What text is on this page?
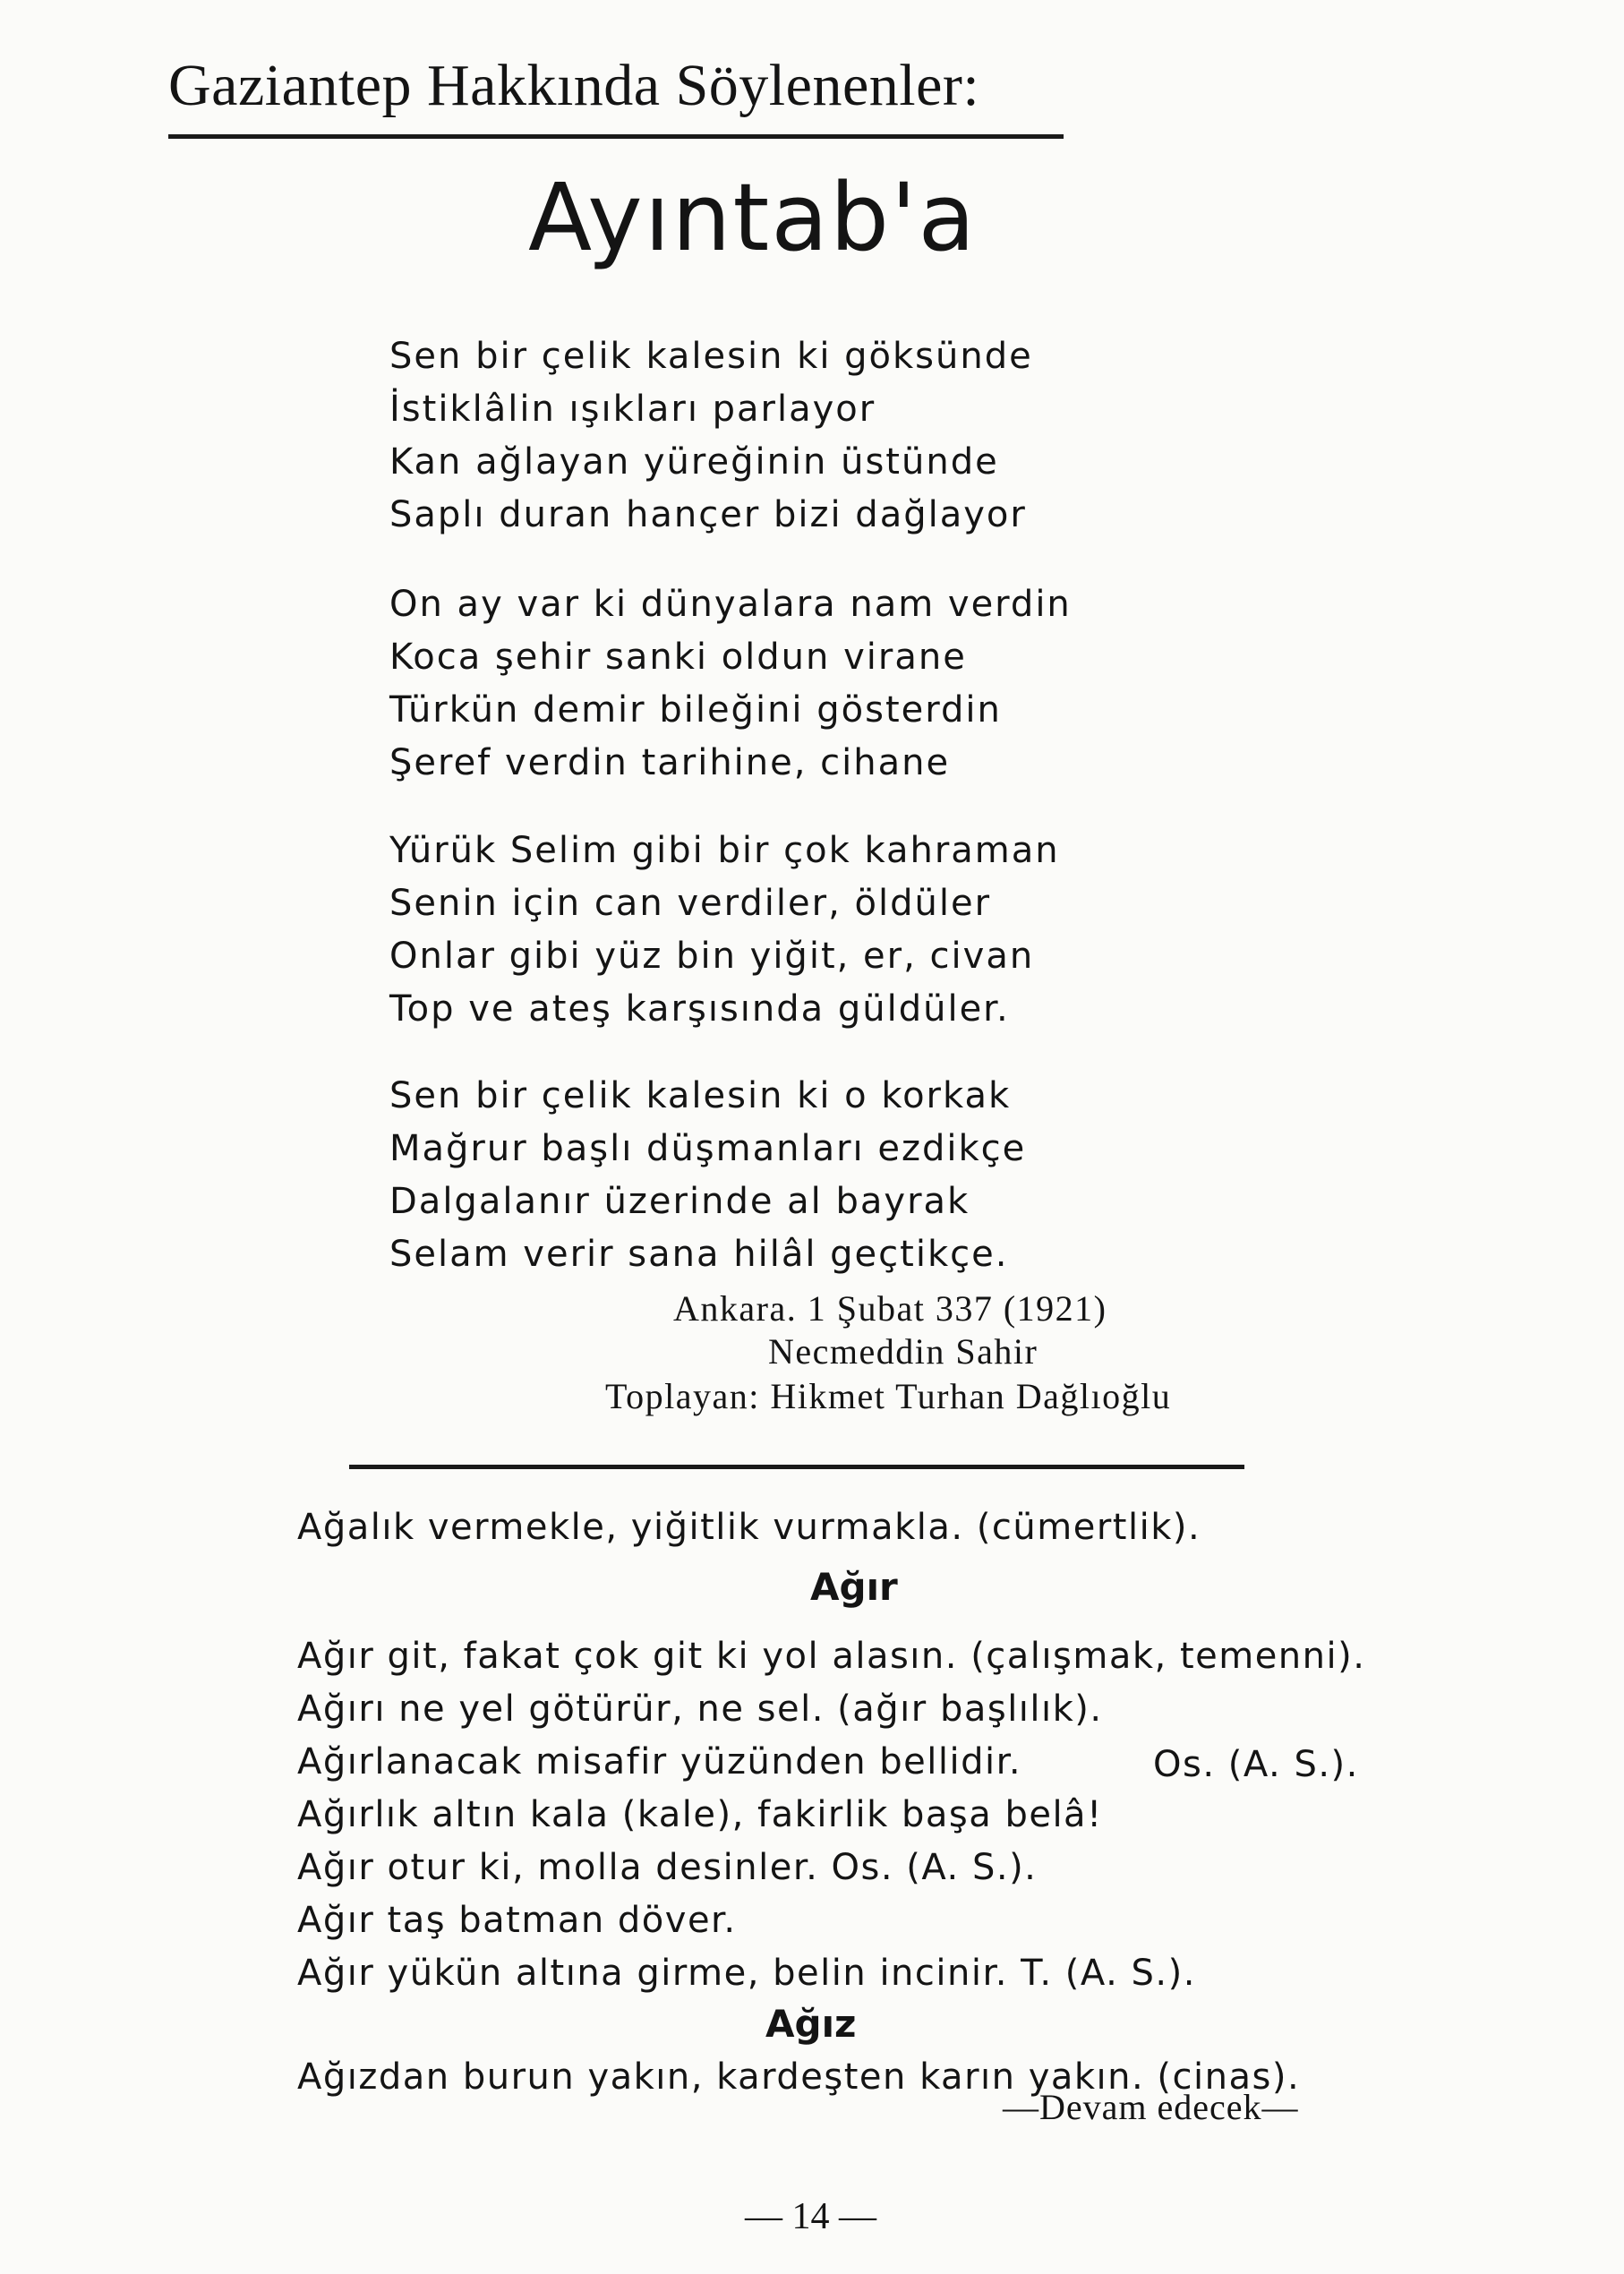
Gaziantep Hakkında Söylenenler:
Ayıntab'a
Sen bir çelik kalesin ki göksünde
İstiklâlin ışıkları parlayor
Kan ağlayan yüreğinin üstünde
Saplı duran hançer bizi dağlayor
On ay var ki dünyalara nam verdin
Koca şehir sanki oldun virane
Türkün demir bileğini gösterdin
Şeref verdin tarihine, cihane
Yürük Selim gibi bir çok kahraman
Senin için can verdiler, öldüler
Onlar gibi yüz bin yiğit, er, civan
Top ve ateş karşısında güldüler.
Sen bir çelik kalesin ki o korkak
Mağrur başlı düşmanları ezdikçe
Dalgalanır üzerinde al bayrak
Selam verir sana hilâl geçtikçe.
Ankara. 1 Şubat 337 (1921)
Necmeddin Sahir
Toplayan: Hikmet Turhan Dağlıoğlu
Ağalık vermekle, yiğitlik vurmakla. (cümertlik).
Ağır
Ağır git, fakat çok git ki yol alasın. (çalışmak, temenni).
Ağırı ne yel götürür, ne sel. (ağır başlılık).
Ağırlanacak misafir yüzünden bellidir.	Os. (A. S.).
Ağırlık altın kala (kale), fakirlik başa belâ!
Ağır otur ki, molla desinler. Os. (A. S.).
Ağır taş batman döver.
Ağır yükün altına girme, belin incinir. T. (A. S.).
Ağız
Ağızdan burun yakın, kardeşten karın yakın. (cinas).
—Devam edecek—
— 14 —
